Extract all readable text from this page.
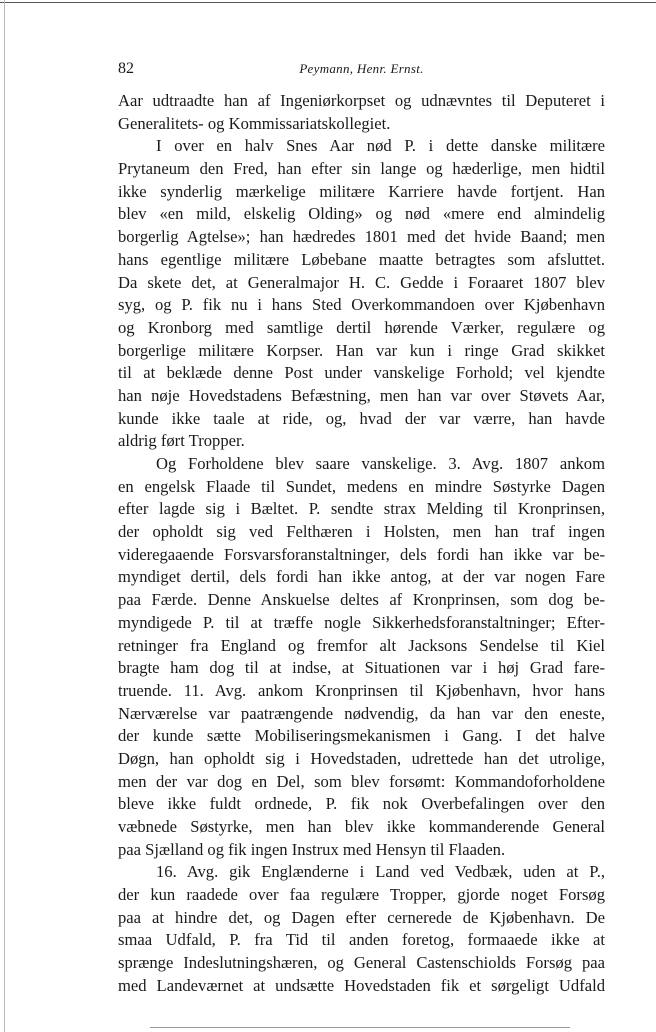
82	Peymann, Henr. Ernst.
Aar udtraadte han af Ingeniørkorpset og udnævntes til Deputeret i
Generalitets- og Kommissariatskollegiet.
I over en halv Snes Aar nød P. i dette danske militære
Prytaneum den Fred, han efter sin lange og hæderlige, men hidtil
ikke synderlig mærkelige militære Karriere havde fortjent. Han
blev «en mild, elskelig Olding» og nød «mere end almindelig
borgerlig Agtelse»; han hædredes 1801 med det hvide Baand; men
hans egentlige militære Løbebane maatte betragtes som afsluttet.
Da skete det, at Generalmajor H. C. Gedde i Foraaret 1807 blev
syg, og P. fik nu i hans Sted Overkommandoen over Kjøbenhavn
og Kronborg med samtlige dertil hørende Værker, regulære og
borgerlige militære Korpser. Han var kun i ringe Grad skikket
til at beklæde denne Post under vanskelige Forhold; vel kjendte
han nøje Hovedstadens Befæstning, men han var over Støvets Aar,
kunde ikke taale at ride, og, hvad der var værre, han havde
aldrig ført Tropper.
Og Forholdene blev saare vanskelige. 3. Avg. 1807 ankom
en engelsk Flaade til Sundet, medens en mindre Søstyrke Dagen
efter lagde sig i Bæltet. P. sendte strax Melding til Kronprinsen,
der opholdt sig ved Felthæren i Holsten, men han traf ingen
videregaaende Forsvarsforanstaltninger, dels fordi han ikke var be-
myndiget dertil, dels fordi han ikke antog, at der var nogen Fare
paa Færde. Denne Anskuelse deltes af Kronprinsen, som dog be-
myndigede P. til at træffe nogle Sikkerhedsforanstaltninger; Efter-
retninger fra England og fremfor alt Jacksons Sendelse til Kiel
bragte ham dog til at indse, at Situationen var i høj Grad fare-
truende. 11. Avg. ankom Kronprinsen til Kjøbenhavn, hvor hans
Nærværelse var paatrængende nødvendig, da han var den eneste,
der kunde sætte Mobiliseringsmekanismen i Gang. I det halve
Døgn, han opholdt sig i Hovedstaden, udrettede han det utrolige,
men der var dog en Del, som blev forsømt: Kommandoforholdene
bleve ikke fuldt ordnede, P. fik nok Overbefalingen over den
væbnede Søstyrke, men han blev ikke kommanderende General
paa Sjælland og fik ingen Instrux med Hensyn til Flaaden.
16. Avg. gik Englænderne i Land ved Vedbæk, uden at P.,
der kun raadede over faa regulære Tropper, gjorde noget Forsøg
paa at hindre det, og Dagen efter cernerede de Kjøbenhavn. De
smaa Udfald, P. fra Tid til anden foretog, formaaede ikke at
sprænge Indeslutningshæren, og General Castenschiolds Forsøg paa
med Landeværnet at undsætte Hovedstaden fik et sørgeligt Udfald
